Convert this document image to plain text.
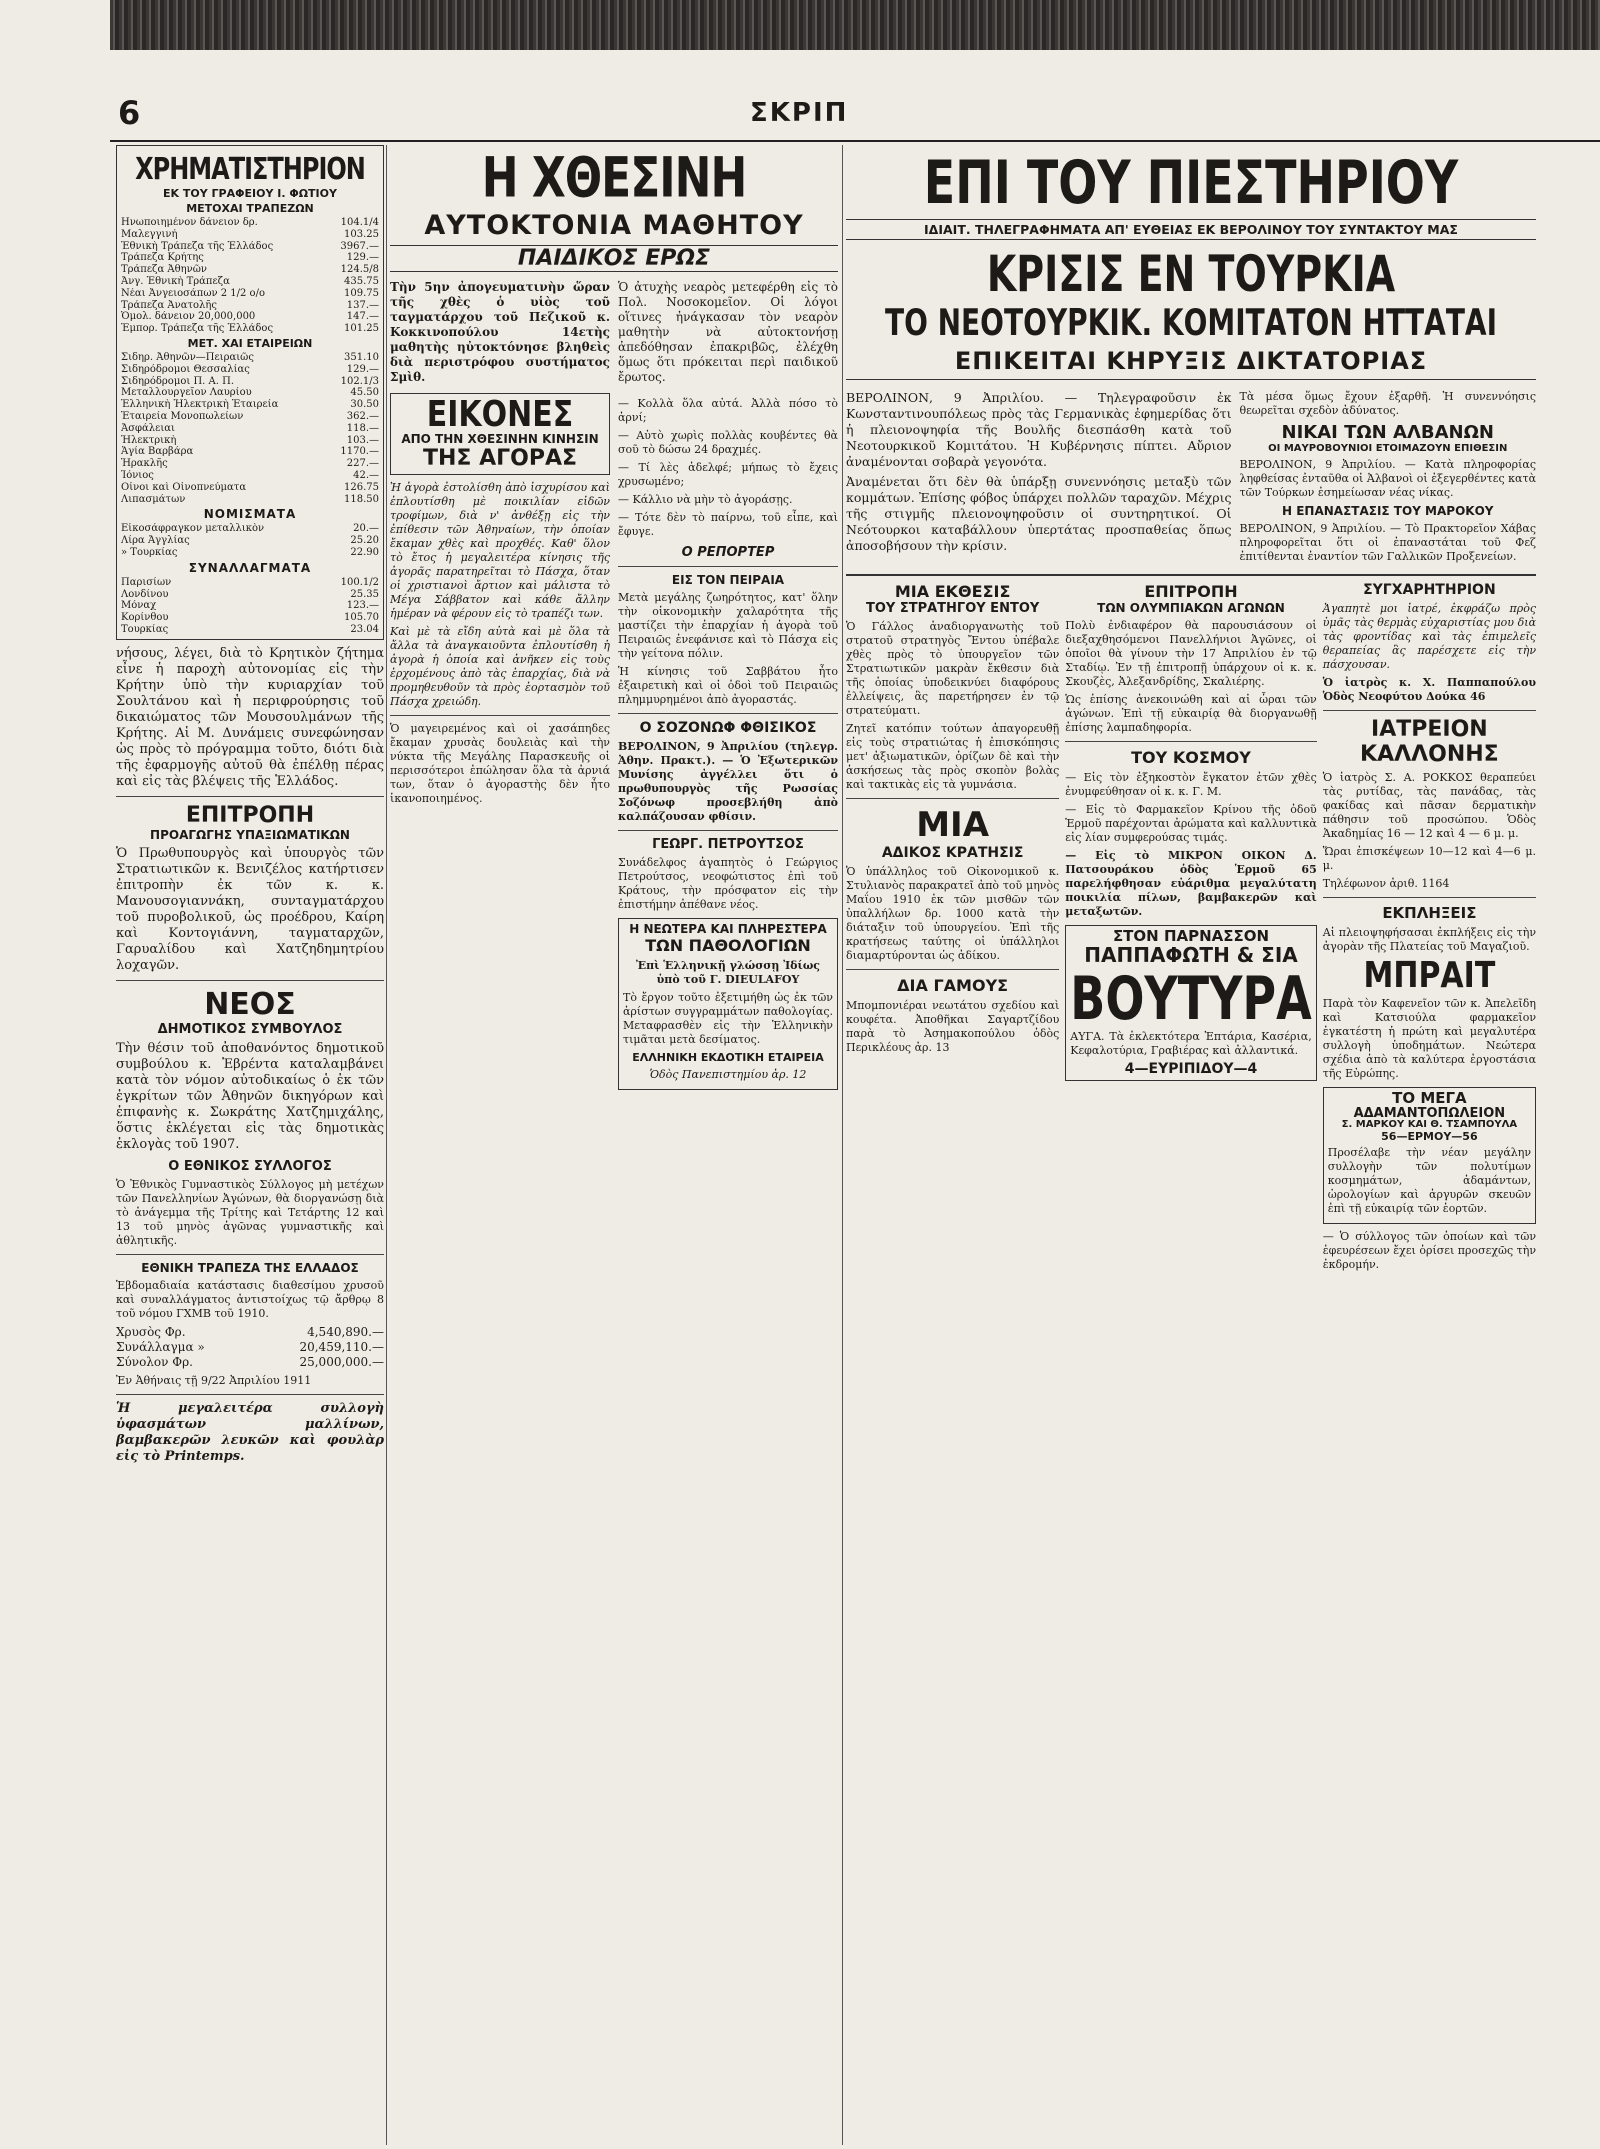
6	ΣΚΡΙΠ
ΧΡΗΜΑΤΙΣΤΗΡΙΟΝ
ΕΚ ΤΟΥ ΓΡΑΦΕΙΟΥ Ι. ΦΩΤΙΟΥ
ΜΕΤΟΧΑΙ ΤΡΑΠΕΖΩΝ
Ηνωποιημένον δάνειον δρ.	104.1/4
Μαλεγγινή	103.25
Ἐθνικὴ Τράπεζα τῆς Ἑλλάδος	3967.—
Τράπεζα Κρήτης	129.—
Τράπεζα Ἀθηνῶν	124.5/8
Ἀνγ. Ἐθνικὴ Τράπεζα	435.75
Νέαι Ἀνγειοσάπων 2 1/2 ο/ο	109.75
Τράπεζα Ἀνατολῆς	137.—
Ὁμολ. δάνειον 20,000,000	147.—
Ἐμπορ. Τράπεζα τῆς Ἑλλάδος	101.25
ΜΕΤ. ΧΑΙ ΕΤΑΙΡΕΙΩΝ
Σιδηρ. Ἀθηνῶν—Πειραιῶς	351.10
Σιδηρόδρομοι Θεσσαλίας	129.—
Σιδηρόδρομοι Π. Α. Π.	102.1/3
Μεταλλουργεῖον Λαυρίου	45.50
Ἑλληνικὴ Ἠλεκτρικὴ Ἑταιρεία	30.50
Ἑταιρεία Μονοπωλείων	362.—
Ἀσφάλειαι	118.—
Ἠλεκτρικὴ	103.—
Ἁγία Βαρβάρα	1170.—
Ἡρακλῆς	227.—
Ἰόνιος	42.—
Οἶνοι καὶ Οἰνοπνεύματα	126.75
Λιπασμάτων	118.50
ΝΟΜΙΣΜΑΤΑ
Εἰκοσάφραγκον μεταλλικὸν	20.—
Λίρα Ἀγγλίας	25.20
» Τουρκίας	22.90
ΣΥΝΑΛΛΑΓΜΑΤΑ
Παρισίων	100.1/2
Λονδίνου	25.35
Μόναχ	123.—
Κορίνθου	105.70
Τουρκίας	23.04

νήσους, λέγει, διὰ τὸ Κρητικὸν ζήτημα εἶνε ἡ παροχὴ αὐτονομίας εἰς τὴν Κρήτην ὑπὸ τὴν κυριαρχίαν τοῦ Σουλτάνου καὶ ἡ περιφρούρησις τοῦ δικαιώματος τῶν Μουσουλμάνων τῆς Κρήτης. Αἱ Μ. Δυνάμεις συνεφώνησαν ὡς πρὸς τὸ πρόγραμμα τοῦτο, διότι διὰ τῆς ἐφαρμογῆς αὐτοῦ θὰ ἐπέλθῃ πέρας καὶ εἰς τὰς βλέψεις τῆς Ἑλλάδος.

ΕΠΙΤΡΟΠΗ
ΠΡΟΑΓΩΓΗΣ ΥΠΑΞΙΩΜΑΤΙΚΩΝ

Ὁ Πρωθυπουργὸς καὶ ὑπουργὸς τῶν Στρατιωτικῶν κ. Βενιζέλος κατήρτισεν ἐπιτροπὴν ἐκ τῶν κ. κ. Μανουσογιαννάκη, συνταγματάρχου τοῦ πυροβολικοῦ, ὡς προέδρου, Καίρη καὶ Κοντογιάννη, ταγματαρχῶν, Γαρυαλίδου καὶ Χατζηδημητρίου λοχαγῶν.

ΝΕΟΣ
ΔΗΜΟΤΙΚΟΣ ΣΥΜΒΟΥΛΟΣ

Τὴν θέσιν τοῦ ἀποθανόντος δημοτικοῦ συμβούλου κ. Ἐβρέντα καταλαμβάνει κατὰ τὸν νόμον αὐτοδικαίως ὁ ἐκ τῶν ἐγκρίτων τῶν Ἀθηνῶν δικηγόρων καὶ ἐπιφανὴς κ. Σωκράτης Χατζημιχάλης, ὅστις ἐκλέγεται εἰς τὰς δημοτικὰς ἐκλογὰς τοῦ 1907.

Ο ΕΘΝΙΚΟΣ ΣΥΛΛΟΓΟΣ

Ὁ Ἐθνικὸς Γυμναστικὸς Σύλλογος μὴ μετέχων τῶν Πανελληνίων Ἀγώνων, θὰ διοργανώσῃ διὰ τὸ ἀνάγεμμα τῆς Τρίτης καὶ Τετάρτης 12 καὶ 13 τοῦ μηνὸς ἀγῶνας γυμναστικῆς καὶ ἀθλητικῆς.

ΕΘΝΙΚΗ ΤΡΑΠΕΖΑ ΤΗΣ ΕΛΛΑΔΟΣ

Ἑβδομαδιαία κατάστασις διαθεσίμου χρυσοῦ καὶ συναλλάγματος ἀντιστοίχως τῷ ἄρθρῳ 8 τοῦ νόμου ΓΧΜΒ τοῦ 1910.

Χρυσὸς Φρ.	4,540,890.—
Συνάλλαγμα »	20,459,110.—
Σύνολον Φρ.	25,000,000.—

Ἐν Ἀθήναις τῇ 9/22 Ἀπριλίου 1911

Ἡ μεγαλειτέρα συλλογὴ ὑφασμάτων μαλλίνων, βαμβακερῶν λευκῶν καὶ φουλὰρ εἰς τὸ Printemps.

Η ΧΘΕΣΙΝΗ
ΑΥΤΟΚΤΟΝΙΑ ΜΑΘΗΤΟΥ
ΠΑΙΔΙΚΟΣ ΕΡΩΣ

Τὴν 5ην ἀπογευματινὴν ὥραν τῆς χθὲς ὁ υἱὸς τοῦ ταγματάρχου τοῦ Πεζικοῦ κ. Κοκκινοπούλου 14ετὴς μαθητὴς ηὐτοκτόνησε βληθεὶς διὰ περιστρόφου συστήματος Σμὶθ.

Ὁ ἀτυχὴς νεαρὸς μετεφέρθη εἰς τὸ Πολ. Νοσοκομεῖον. Οἱ λόγοι οἵτινες ἠνάγκασαν τὸν νεαρὸν μαθητὴν νὰ αὐτοκτονήσῃ ἀπεδόθησαν ἐπακριβῶς, ἐλέχθη ὅμως ὅτι πρόκειται περὶ παιδικοῦ ἔρωτος.

ΕΙΚΟΝΕΣ
ΑΠΟ ΤΗΝ ΧΘΕΣΙΝΗΝ ΚΙΝΗΣΙΝ
ΤΗΣ ΑΓΟΡΑΣ

Ἡ ἀγορὰ ἐστολίσθη ἀπὸ ἰσχυρίσου καὶ ἐπλουτίσθη μὲ ποικιλίαν εἰδῶν τροφίμων, διὰ ν' ἀνθέξῃ εἰς τὴν ἐπίθεσιν τῶν Ἀθηναίων, τὴν ὁποίαν ἔκαμαν χθὲς καὶ προχθές. Καθ' ὅλον τὸ ἔτος ἡ μεγαλειτέρα κίνησις τῆς ἀγορᾶς παρατηρεῖται τὸ Πάσχα, ὅταν οἱ χριστιανοὶ ἄρτιον καὶ μάλιστα τὸ Μέγα Σάββατον καὶ κάθε ἄλλην ἡμέραν νὰ φέρουν εἰς τὸ τραπέζι των.

Καὶ μὲ τὰ εἴδη αὐτὰ καὶ μὲ ὅλα τὰ ἄλλα τὰ ἀναγκαιοῦντα ἐπλουτίσθη ἡ ἀγορὰ ἡ ὁποία καὶ ἀνῆκεν εἰς τοὺς ἐρχομένους ἀπὸ τὰς ἐπαρχίας, διὰ νὰ προμηθευθοῦν τὰ πρὸς ἑορτασμὸν τοῦ Πάσχα χρειώδη.

Ὁ μαγειρεμένος καὶ οἱ χασάπηδες ἔκαμαν χρυσὰς δουλειὰς καὶ τὴν νύκτα τῆς Μεγάλης Παρασκευῆς οἱ περισσότεροι ἐπώλησαν ὅλα τὰ ἀρνιά των, ὅταν ὁ ἀγοραστὴς δὲν ἦτο ἱκανοποιημένος.

— Κολλὰ ὅλα αὐτά. Ἀλλὰ πόσο τὸ ἀρνί;

— Αὐτὸ χωρὶς πολλὰς κουβέντες θὰ σοῦ τὸ δώσω 24 δραχμές.

— Τί λὲς ἀδελφέ; μήπως τὸ ἔχεις χρυσωμένο;

— Κάλλιο νὰ μὴν τὸ ἀγοράσῃς.

— Τότε δὲν τὸ παίρνω, τοῦ εἶπε, καὶ ἔφυγε.

Ο ΡΕΠΟΡΤΕΡ
ΕΙΣ ΤΟΝ ΠΕΙΡΑΙΑ

Μετὰ μεγάλης ζωηρότητος, κατ' ὅλην τὴν οἰκονομικὴν χαλαρότητα τῆς μαστίζει τὴν ἐπαρχίαν ἡ ἀγορὰ τοῦ Πειραιῶς ἐνεφάνισε καὶ τὸ Πάσχα εἰς τὴν γείτονα πόλιν.

Ἡ κίνησις τοῦ Σαββάτου ἦτο ἐξαιρετικὴ καὶ οἱ ὁδοὶ τοῦ Πειραιῶς πλημμυρημένοι ἀπὸ ἀγοραστάς.

Ο ΣΟΖΟΝΩΦ ΦΘΙΣΙΚΟΣ

ΒΕΡΟΛΙΝΟΝ, 9 Ἀπριλίου (τηλεγρ. Ἀθην. Πρακτ.). — Ὁ Ἐξωτερικῶν Μυνίσης ἀγγέλλει ὅτι ὁ πρωθυπουργὸς τῆς Ρωσσίας Σοζόνωφ προσεβλήθη ἀπὸ καλπάζουσαν φθίσιν.

ΓΕΩΡΓ. ΠΕΤΡΟΥΤΣΟΣ

Συνάδελφος ἀγαπητὸς ὁ Γεώργιος Πετρούτσος, νεοφώτιστος ἐπὶ τοῦ Κράτους, τὴν πρόσφατον εἰς τὴν ἐπιστήμην ἀπέθανε νέος.

Η ΝΕΩΤΕΡΑ ΚΑΙ ΠΛΗΡΕΣΤΕΡΑ
ΤΩΝ ΠΑΘΟΛΟΓΙΩΝ

Ἐπὶ Ἑλληνικῇ γλώσσῃ Ἰδίως ὑπὸ τοῦ Γ. DIEULAFOY

Τὸ ἔργον τοῦτο ἐξετιμήθη ὡς ἐκ τῶν ἀρίστων συγγραμμάτων παθολογίας. Μεταφρασθὲν εἰς τὴν Ἑλληνικὴν τιμᾶται μετὰ δεσίματος.

ΕΛΛΗΝΙΚΗ ΕΚΔΟΤΙΚΗ ΕΤΑΙΡΕΙΑ

Ὁδὸς Πανεπιστημίου ἀρ. 12

ΕΠΙ ΤΟΥ ΠΙΕΣΤΗΡΙΟΥ
ΙΔΙΑΙΤ. ΤΗΛΕΓΡΑΦΗΜΑΤΑ ΑΠ' ΕΥΘΕΙΑΣ ΕΚ ΒΕΡΟΛΙΝΟΥ ΤΟΥ ΣΥΝΤΑΚΤΟΥ ΜΑΣ
ΚΡΙΣΙΣ ΕΝ ΤΟΥΡΚΙΑ
ΤΟ ΝΕΟΤΟΥΡΚΙΚ. ΚΟΜΙΤΑΤΟΝ ΗΤΤΑΤΑΙ
ΕΠΙΚΕΙΤΑΙ ΚΗΡΥΞΙΣ ΔΙΚΤΑΤΟΡΙΑΣ

ΒΕΡΟΛΙΝΟΝ, 9 Ἀπριλίου. — Τηλεγραφοῦσιν ἐκ Κωνσταντινουπόλεως πρὸς τὰς Γερμανικὰς ἐφημερίδας ὅτι ἡ πλειονοψηφία τῆς Βουλῆς διεσπάσθη κατὰ τοῦ Νεοτουρκικοῦ Κομιτάτου. Ἡ Κυβέρνησις πίπτει. Αὔριον ἀναμένονται σοβαρὰ γεγονότα.

Ἀναμένεται ὅτι δὲν θὰ ὑπάρξῃ συνεννόησις μεταξὺ τῶν κομμάτων. Ἐπίσης φόβος ὑπάρχει πολλῶν ταραχῶν. Μέχρις τῆς στιγμῆς πλειονοψηφοῦσιν οἱ συντηρητικοί. Οἱ Νεότουρκοι καταβάλλουν ὑπερτάτας προσπαθείας ὅπως ἀποσοβήσουν τὴν κρίσιν.

Τὰ μέσα ὅμως ἔχουν ἐξαρθῆ. Ἡ συνεννόησις θεωρεῖται σχεδὸν ἀδύνατος.

ΝΙΚΑΙ ΤΩΝ ΑΛΒΑΝΩΝ
ΟΙ ΜΑΥΡΟΒΟΥΝΙΟΙ ΕΤΟΙΜΑΖΟΥΝ ΕΠΙΘΕΣΙΝ

ΒΕΡΟΛΙΝΟΝ, 9 Ἀπριλίου. — Κατὰ πληροφορίας ληφθείσας ἐνταῦθα οἱ Ἀλβανοὶ οἱ ἐξεγερθέντες κατὰ τῶν Τούρκων ἐσημείωσαν νέας νίκας.

Η ΕΠΑΝΑΣΤΑΣΙΣ ΤΟΥ ΜΑΡΟΚΟΥ

ΒΕΡΟΛΙΝΟΝ, 9 Ἀπριλίου. — Τὸ Πρακτορεῖον Χάβας πληροφορεῖται ὅτι οἱ ἐπαναστάται τοῦ Φεζ ἐπιτίθενται ἐναντίον τῶν Γαλλικῶν Προξενείων.

ΜΙΑ ΕΚΘΕΣΙΣ
ΤΟΥ ΣΤΡΑΤΗΓΟΥ ΕΝΤΟΥ

Ὁ Γάλλος ἀναδιοργανωτὴς τοῦ στρατοῦ στρατηγὸς Ἔντου ὑπέβαλε χθὲς πρὸς τὸ ὑπουργεῖον τῶν Στρατιωτικῶν μακρὰν ἔκθεσιν διὰ τῆς ὁποίας ὑποδεικνύει διαφόρους ἐλλείψεις, ἃς παρετήρησεν ἐν τῷ στρατεύματι.

Ζητεῖ κατόπιν τούτων ἀπαγορευθῇ εἰς τοὺς στρατιώτας ἡ ἐπισκόπησις μετ' ἀξιωματικῶν, ὁρίζων δὲ καὶ τὴν ἀσκήσεως τὰς πρὸς σκοπὸν βολὰς καὶ τακτικὰς εἰς τὰ γυμνάσια.

ΜΙΑ
ΑΔΙΚΟΣ ΚΡΑΤΗΣΙΣ

Ὁ ὑπάλληλος τοῦ Οἰκονομικοῦ κ. Στυλιανὸς παρακρατεῖ ἀπὸ τοῦ μηνὸς Μαΐου 1910 ἐκ τῶν μισθῶν τῶν ὑπαλλήλων δρ. 1000 κατὰ τὴν διάταξιν τοῦ ὑπουργείου. Ἐπὶ τῆς κρατήσεως ταύτης οἱ ὑπάλληλοι διαμαρτύρονται ὡς ἀδίκου.

ΔΙΑ ΓΑΜΟΥΣ

Μπομπονιέραι νεωτάτου σχεδίου καὶ κουφέτα. Ἀποθῆκαι Σαγαρτζίδου παρὰ τὸ Ἀσημακοπούλου ὁδὸς Περικλέους ἀρ. 13

ΕΠΙΤΡΟΠΗ
ΤΩΝ ΟΛΥΜΠΙΑΚΩΝ ΑΓΩΝΩΝ

Πολὺ ἐνδιαφέρον θὰ παρουσιάσουν οἱ διεξαχθησόμενοι Πανελλήνιοι Ἀγῶνες, οἱ ὁποῖοι θὰ γίνουν τὴν 17 Ἀπριλίου ἐν τῷ Σταδίῳ. Ἐν τῇ ἐπιτροπῇ ὑπάρχουν οἱ κ. κ. Σκουζὲς, Ἀλεξανδρίδης, Σκαλιέρης.

Ὡς ἐπίσης ἀνεκοινώθη καὶ αἱ ὧραι τῶν ἀγώνων. Ἐπὶ τῇ εὐκαιρίᾳ θὰ διοργανωθῇ ἐπίσης λαμπαδηφορία.

ΤΟΥ ΚΟΣΜΟΥ

— Εἰς τὸν ἐξηκοστὸν ἔγκατον ἐτῶν χθὲς ἐνυμφεύθησαν οἱ κ. κ. Γ. Μ.

— Εἰς τὸ Φαρμακεῖον Κρίνου τῆς ὁδοῦ Ἑρμοῦ παρέχονται ἀρώματα καὶ καλλυντικὰ εἰς λίαν συμφερούσας τιμάς.

— Εἰς τὸ ΜΙΚΡΟΝ ΟΙΚΟΝ Δ. Πατσουράκου ὁδὸς Ἑρμοῦ 65 παρελήφθησαν εὐάριθμα μεγαλύτατη ποικιλία πίλων, βαμβακερῶν καὶ μεταξωτῶν.

ΣΤΟΝ ΠΑΡΝΑΣΣΟΝ
ΠΑΠΠΑΦΩΤΗ & ΣΙΑ
ΒΟΥΤΥΡΑ

ΑΥΓΑ. Τὰ ἐκλεκτότερα Ἑπτάρια, Κασέρια, Κεφαλοτύρια, Γραβιέρας καὶ ἀλλαντικά.

4—ΕΥΡΙΠΙΔΟΥ—4
ΣΥΓΧΑΡΗΤΗΡΙΟΝ

Ἀγαπητὲ μοι ἰατρέ, ἐκφράζω πρὸς ὑμᾶς τὰς θερμὰς εὐχαριστίας μου διὰ τὰς φροντίδας καὶ τὰς ἐπιμελεῖς θεραπείας ἃς παρέσχετε εἰς τὴν πάσχουσαν.

Ὁ ἰατρὸς κ. Χ. Παππαπούλου Ὁδὸς Νεοφύτου Δούκα 46

ΙΑΤΡΕΙΟΝ
ΚΑΛΛΟΝΗΣ

Ὁ ἰατρὸς Σ. Α. ΡΟΚΚΟΣ θεραπεύει τὰς ρυτίδας, τὰς πανάδας, τὰς φακίδας καὶ πᾶσαν δερματικὴν πάθησιν τοῦ προσώπου. Ὁδὸς Ἀκαδημίας 16 — 12 καὶ 4 — 6 μ. μ.

Ὥραι ἐπισκέψεων 10—12 καὶ 4—6 μ. μ.

Τηλέφωνον ἀριθ. 1164

ΕΚΠΛΗΞΕΙΣ

Αἱ πλειοψηφήσασαι ἐκπλήξεις εἰς τὴν ἀγορὰν τῆς Πλατείας τοῦ Μαγαζιοῦ.

ΜΠΡΑΙΤ

Παρὰ τὸν Καφενεῖον τῶν κ. Ἀπελεῖδη καὶ Κατσιούλα φαρμακεῖον ἐγκατέστη ἡ πρώτη καὶ μεγαλυτέρα συλλογὴ ὑποδημάτων. Νεώτερα σχέδια ἀπὸ τὰ καλύτερα ἐργοστάσια τῆς Εὐρώπης.

ΤΟ ΜΕΓΑ
ΑΔΑΜΑΝΤΟΠΩΛΕΙΟΝ
Σ. ΜΑΡΚΟΥ ΚΑΙ Θ. ΤΣΑΜΠΟΥΛΑ
56—ΕΡΜΟΥ—56

Προσέλαβε τὴν νέαν μεγάλην συλλογὴν τῶν πολυτίμων κοσμημάτων, ἀδαμάντων, ὡρολογίων καὶ ἀργυρῶν σκευῶν ἐπὶ τῇ εὐκαιρίᾳ τῶν ἑορτῶν.

— Ὁ σύλλογος τῶν ὁποίων καὶ τῶν ἐφευρέσεων ἔχει ὁρίσει προσεχῶς τὴν ἐκδρομήν.
